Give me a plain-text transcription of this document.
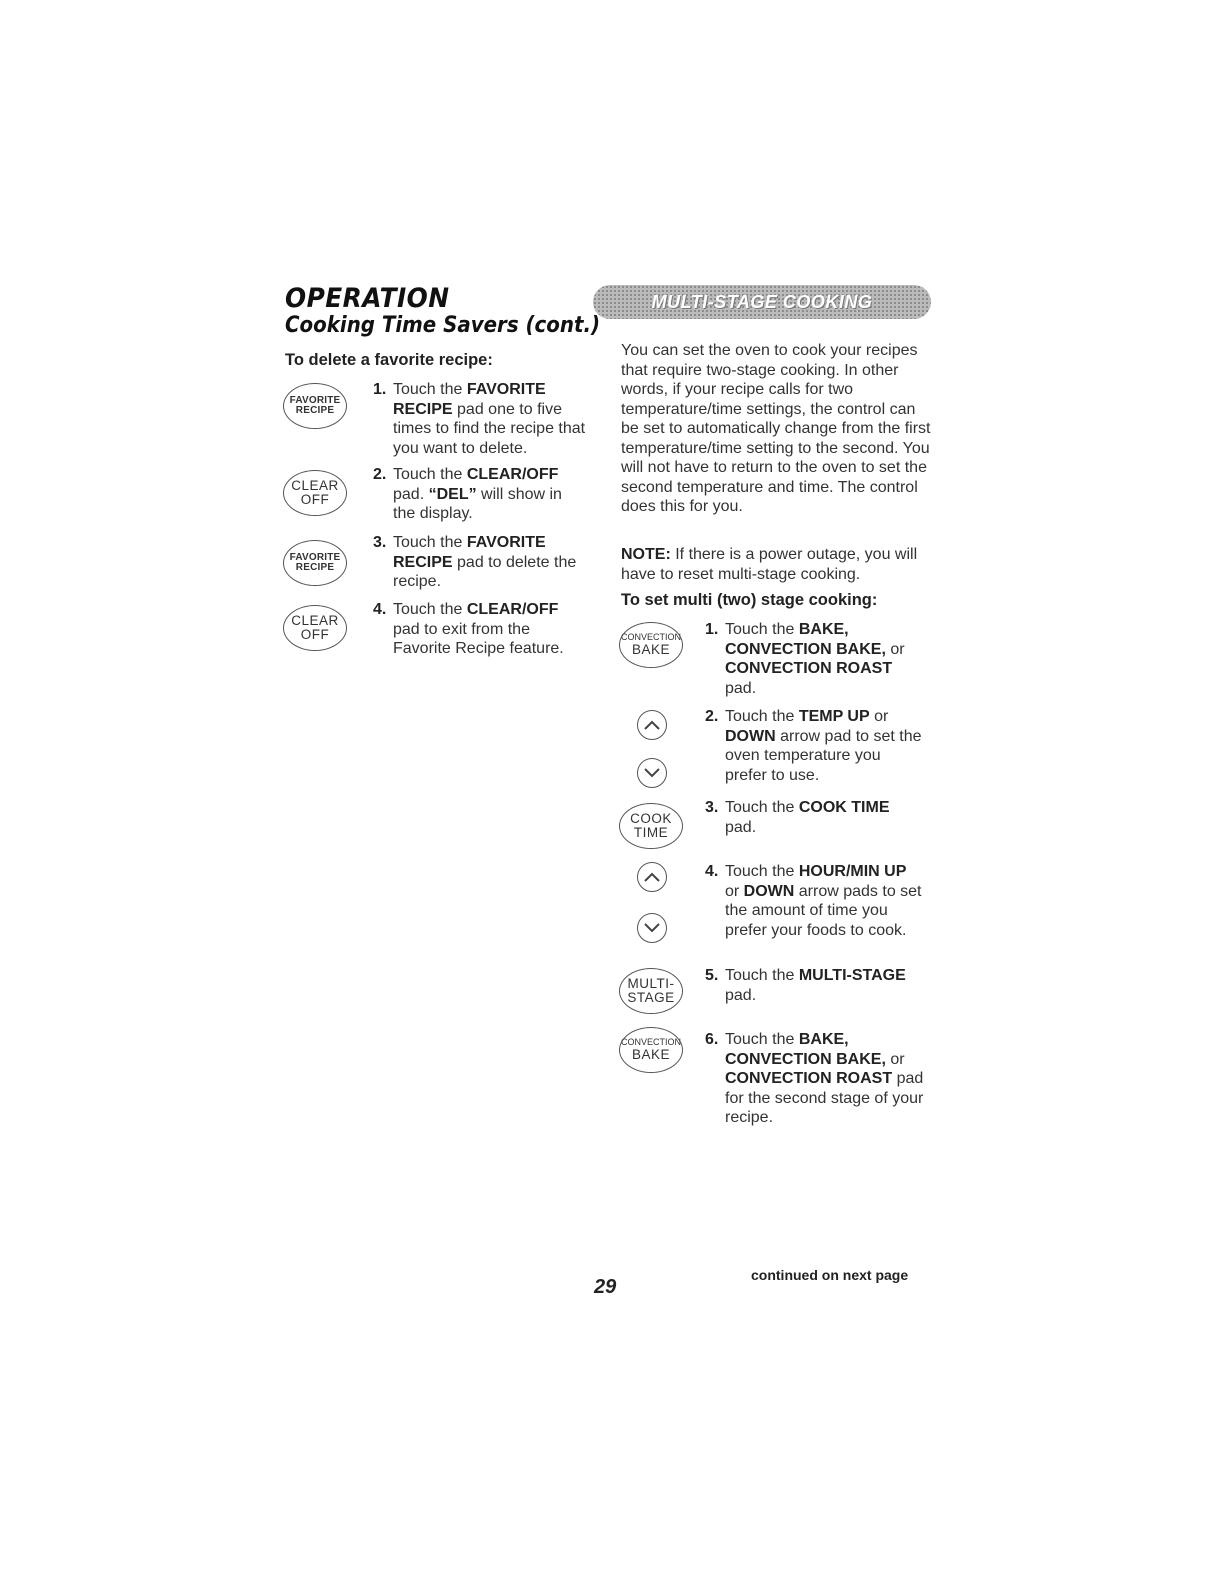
OPERATION
Cooking Time Savers (cont.)
To delete a favorite recipe:
FAVORITE
RECIPE
1. Touch the FAVORITE RECIPE pad one to five times to find the recipe that you want to delete.
CLEAR
OFF
2. Touch the CLEAR/OFF pad. “DEL” will show in the display.
FAVORITE
RECIPE
3. Touch the FAVORITE RECIPE pad to delete the recipe.
CLEAR
OFF
4. Touch the CLEAR/OFF pad to exit from the Favorite Recipe feature.
MULTI-STAGE COOKING
You can set the oven to cook your recipes that require two-stage cooking. In other words, if your recipe calls for two temperature/time settings, the control can be set to automatically change from the first temperature/time setting to the second. You will not have to return to the oven to set the second temperature and time. The control does this for you.
NOTE: If there is a power outage, you will have to reset multi-stage cooking.
To set multi (two) stage cooking:
CONVECTION
BAKE
1. Touch the BAKE, CONVECTION BAKE, or CONVECTION ROAST pad.
2. Touch the TEMP UP or DOWN arrow pad to set the oven temperature you prefer to use.
COOK
TIME
3. Touch the COOK TIME pad.
4. Touch the HOUR/MIN UP or DOWN arrow pads to set the amount of time you prefer your foods to cook.
MULTI-
STAGE
5. Touch the MULTI-STAGE pad.
CONVECTION
BAKE
6. Touch the BAKE, CONVECTION BAKE, or CONVECTION ROAST pad for the second stage of your recipe.
29
continued on next page
